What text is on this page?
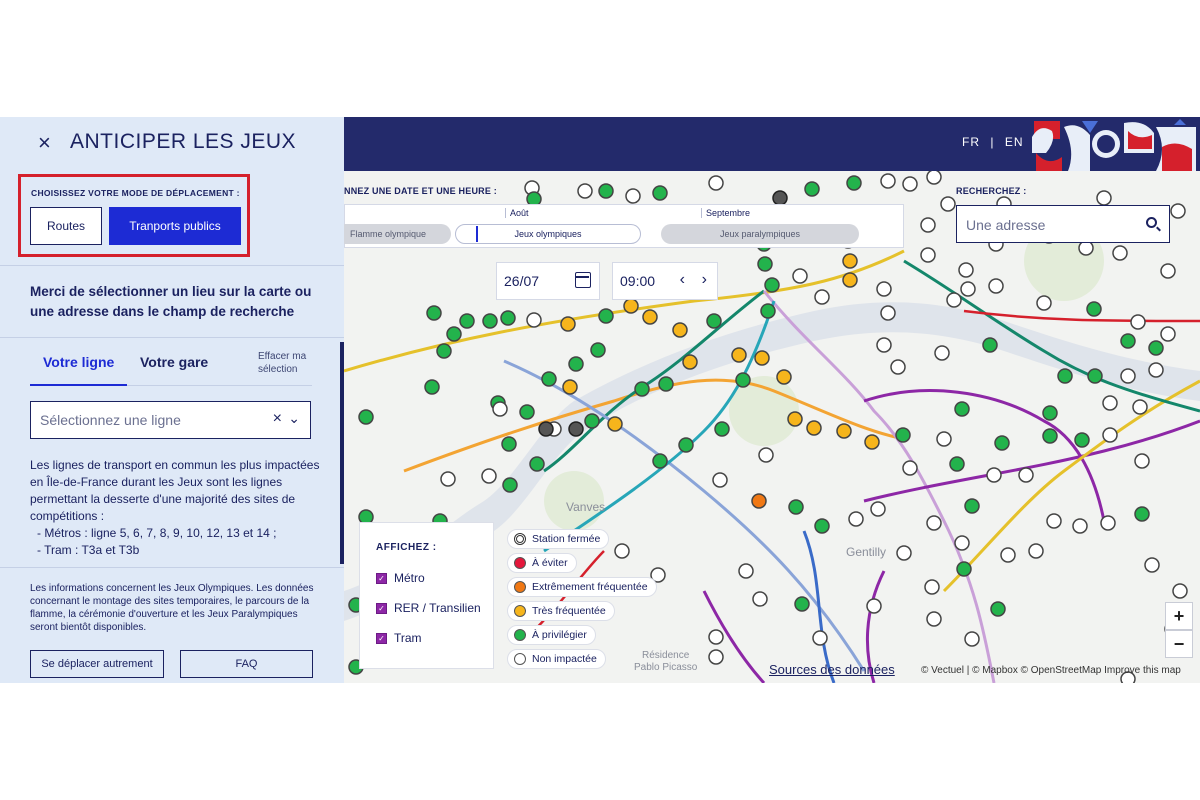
× ANTICIPER LES JEUX
CHOISISSEZ VOTRE MODE DE DÉPLACEMENT :
Routes	Tranports publics
Merci de sélectionner un lieu sur la carte ou une adresse dans le champ de recherche
Votre ligne Votre gare	Effacer ma sélection
Sélectionnez une ligne	× ⌄

Les lignes de transport en commun les plus impactées en Île-de-France durant les Jeux sont les lignes permettant la desserte d'une majorité des sites de compétitions :

- Métros : ligne 5, 6, 7, 8, 9, 10, 12, 13 et 14 ;
- Tram : T3a et T3b
Les informations concernent les Jeux Olympiques. Les données concernant le montage des sites temporaires, le parcours de la flamme, la cérémonie d'ouverture et les Jeux Paralympiques seront bientôt disponibles.
Se déplacer autrement	FAQ
FR | EN
Vanves
Gentilly
Résidence
Pablo Picasso
NNEZ UNE DATE ET UNE HEURE :
Août	Septembre
Flamme olympique	Jeux olympiques	Jeux paralympiques
26/07	09:00 ‹ ›
RECHERCHEZ :
Une adresse
AFFICHEZ :
✓ Métro
✓ RER / Transilien
✓ Tram
Station fermée
À éviter
Extrêmement fréquentée
Très fréquentée
À privilégier
Non impactée
+
−
Sources des données	© Vectuel | © Mapbox © OpenStreetMap Improve this map
